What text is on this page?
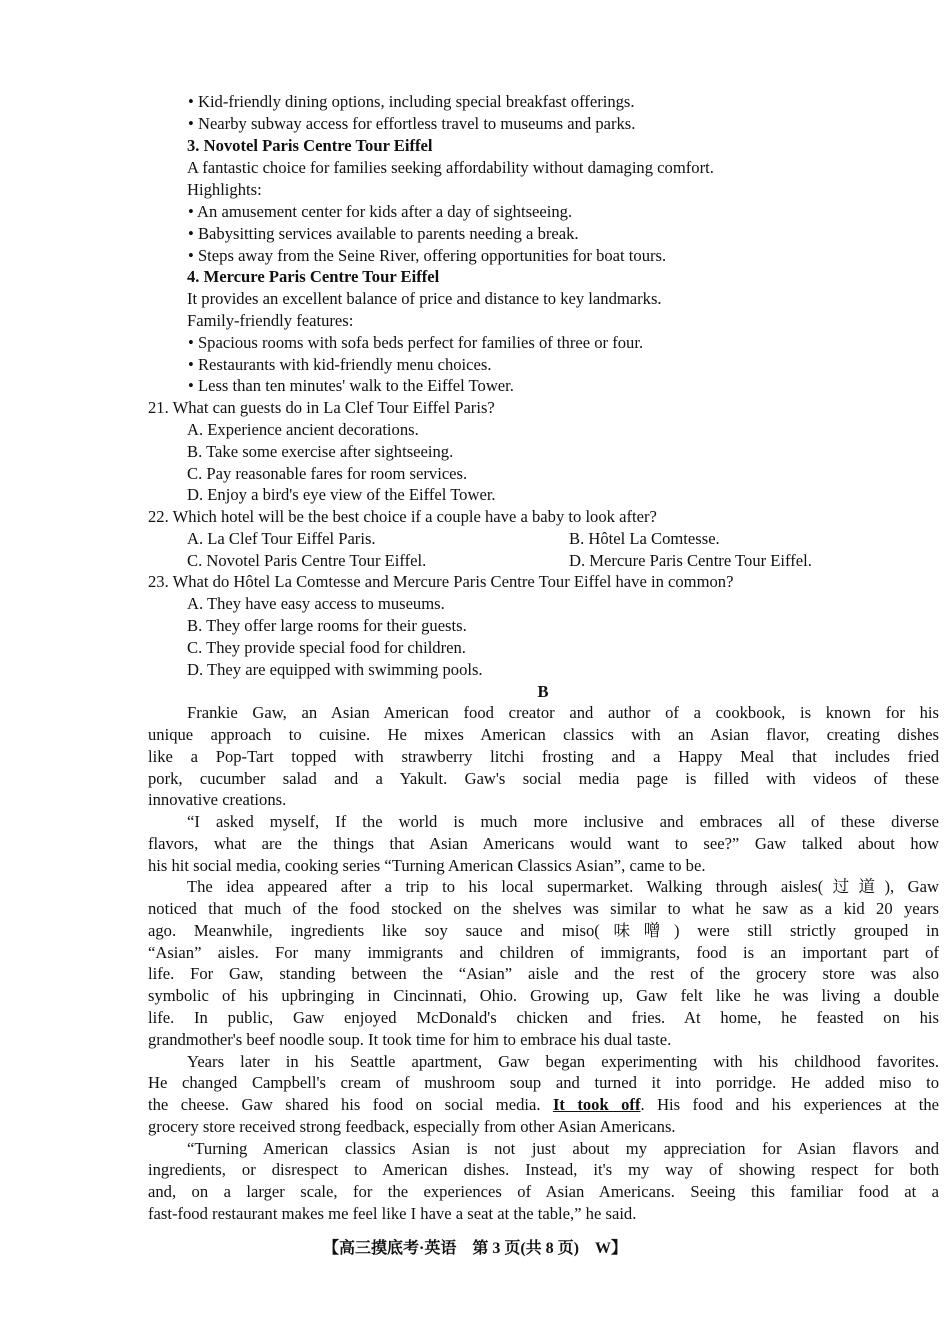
• Kid-friendly dining options, including special breakfast offerings.
• Nearby subway access for effortless travel to museums and parks.
3. Novotel Paris Centre Tour Eiffel
A fantastic choice for families seeking affordability without damaging comfort.
Highlights:
• An amusement center for kids after a day of sightseeing.
• Babysitting services available to parents needing a break.
• Steps away from the Seine River, offering opportunities for boat tours.
4. Mercure Paris Centre Tour Eiffel
It provides an excellent balance of price and distance to key landmarks.
Family-friendly features:
• Spacious rooms with sofa beds perfect for families of three or four.
• Restaurants with kid-friendly menu choices.
• Less than ten minutes' walk to the Eiffel Tower.
21. What can guests do in La Clef Tour Eiffel Paris?
A. Experience ancient decorations.
B. Take some exercise after sightseeing.
C. Pay reasonable fares for room services.
D. Enjoy a bird's eye view of the Eiffel Tower.
22. Which hotel will be the best choice if a couple have a baby to look after?
A. La Clef Tour Eiffel Paris.	B. Hôtel La Comtesse.
C. Novotel Paris Centre Tour Eiffel.	D. Mercure Paris Centre Tour Eiffel.
23. What do Hôtel La Comtesse and Mercure Paris Centre Tour Eiffel have in common?
A. They have easy access to museums.
B. They offer large rooms for their guests.
C. They provide special food for children.
D. They are equipped with swimming pools.
B
Frankie Gaw, an Asian American food creator and author of a cookbook, is known for his
unique approach to cuisine. He mixes American classics with an Asian flavor, creating dishes
like a Pop-Tart topped with strawberry litchi frosting and a Happy Meal that includes fried
pork, cucumber salad and a Yakult. Gaw's social media page is filled with videos of these
innovative creations.
“I asked myself, If the world is much more inclusive and embraces all of these diverse
flavors, what are the things that Asian Americans would want to see?” Gaw talked about how
his hit social media, cooking series “Turning American Classics Asian”, came to be.
The idea appeared after a trip to his local supermarket. Walking through aisles(过道), Gaw
noticed that much of the food stocked on the shelves was similar to what he saw as a kid 20 years
ago. Meanwhile, ingredients like soy sauce and miso(味噌) were still strictly grouped in
“Asian” aisles. For many immigrants and children of immigrants, food is an important part of
life. For Gaw, standing between the “Asian” aisle and the rest of the grocery store was also
symbolic of his upbringing in Cincinnati, Ohio. Growing up, Gaw felt like he was living a double
life. In public, Gaw enjoyed McDonald's chicken and fries. At home, he feasted on his
grandmother's beef noodle soup. It took time for him to embrace his dual taste.
Years later in his Seattle apartment, Gaw began experimenting with his childhood favorites.
He changed Campbell's cream of mushroom soup and turned it into porridge. He added miso to
the cheese. Gaw shared his food on social media. It took off. His food and his experiences at the
grocery store received strong feedback, especially from other Asian Americans.
“Turning American classics Asian is not just about my appreciation for Asian flavors and
ingredients, or disrespect to American dishes. Instead, it's my way of showing respect for both
and, on a larger scale, for the experiences of Asian Americans. Seeing this familiar food at a
fast-food restaurant makes me feel like I have a seat at the table,” he said.
【高三摸底考·英语　第 3 页(共 8 页)　W】
